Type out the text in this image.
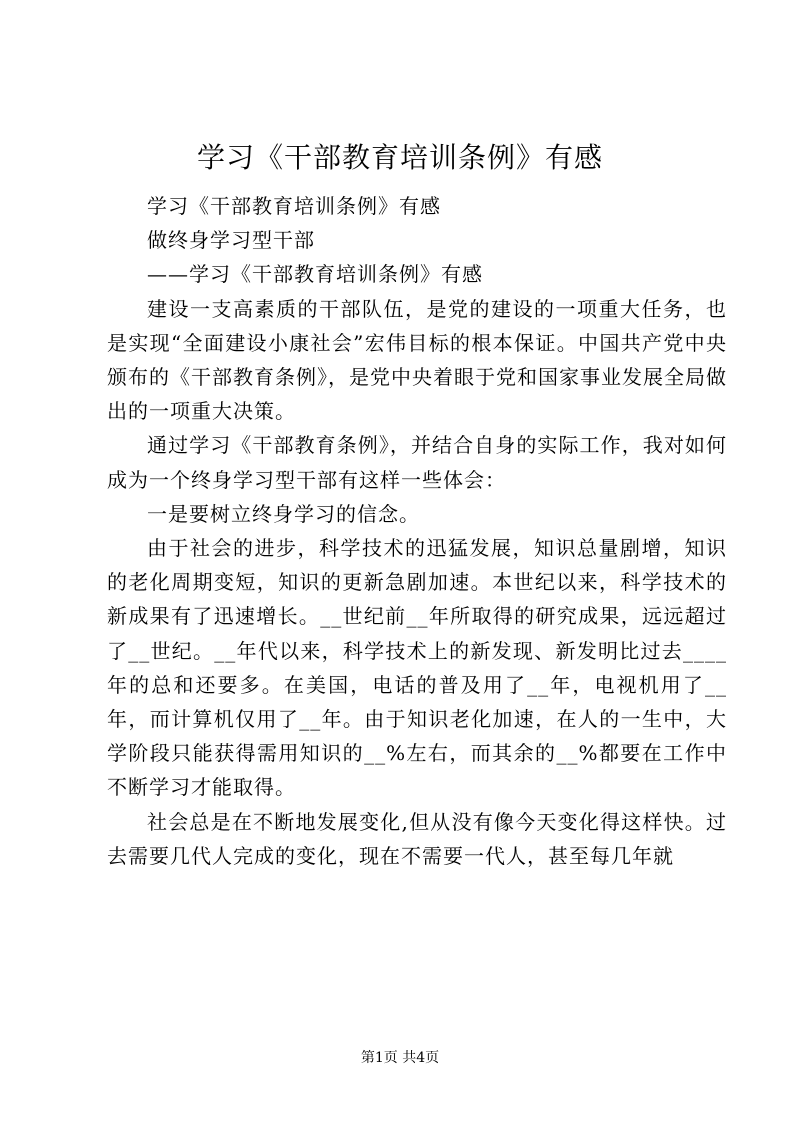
学习《干部教育培训条例》有感

学习《干部教育培训条例》有感

做终身学习型干部

——学习《干部教育培训条例》有感

建设一支高素质的干部队伍，是党的建设的一项重大任务，也是实现“全面建设小康社会”宏伟目标的根本保证。中国共产党中央颁布的《干部教育条例》，是党中央着眼于党和国家事业发展全局做出的一项重大决策。

通过学习《干部教育条例》，并结合自身的实际工作，我对如何成为一个终身学习型干部有这样一些体会：

一是要树立终身学习的信念。

由于社会的进步，科学技术的迅猛发展，知识总量剧增，知识的老化周期变短，知识的更新急剧加速。本世纪以来，科学技术的新成果有了迅速增长。__世纪前__年所取得的研究成果，远远超过了__世纪。__年代以来，科学技术上的新发现、新发明比过去____年的总和还要多。在美国，电话的普及用了__年，电视机用了__年，而计算机仅用了__年。由于知识老化加速，在人的一生中，大学阶段只能获得需用知识的__%左右，而其余的__%都要在工作中不断学习才能取得。

社会总是在不断地发展变化,但从没有像今天变化得这样快。过去需要几代人完成的变化，现在不需要一代人，甚至每几年就

第1页 共4页
